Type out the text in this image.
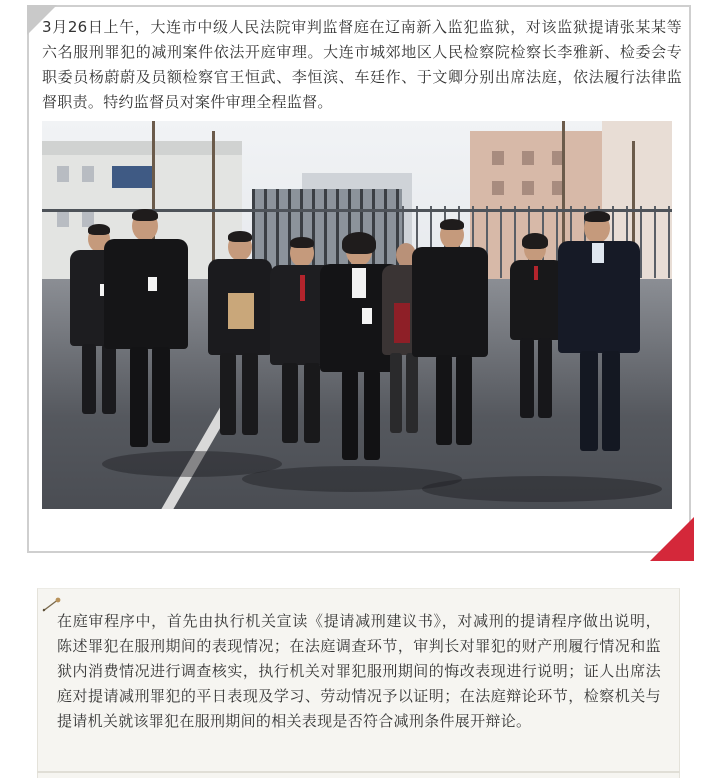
3月26日上午，大连市中级人民法院审判监督庭在辽南新入监犯监狱，对该监狱提请张某某等六名服刑罪犯的减刑案件依法开庭审理。大连市城郊地区人民检察院检察长李雅新、检委会专职委员杨蔚蔚及员额检察官王恒武、李恒滨、车廷作、于文卿分别出席法庭，依法履行法律监督职责。特约监督员对案件审理全程监督。

在庭审程序中，首先由执行机关宣读《提请减刑建议书》，对减刑的提请程序做出说明，陈述罪犯在服刑期间的表现情况；在法庭调查环节，审判长对罪犯的财产刑履行情况和监狱内消费情况进行调查核实，执行机关对罪犯服刑期间的悔改表现进行说明；证人出席法庭对提请减刑罪犯的平日表现及学习、劳动情况予以证明；在法庭辩论环节，检察机关与提请机关就该罪犯在服刑期间的相关表现是否符合减刑条件展开辩论。
